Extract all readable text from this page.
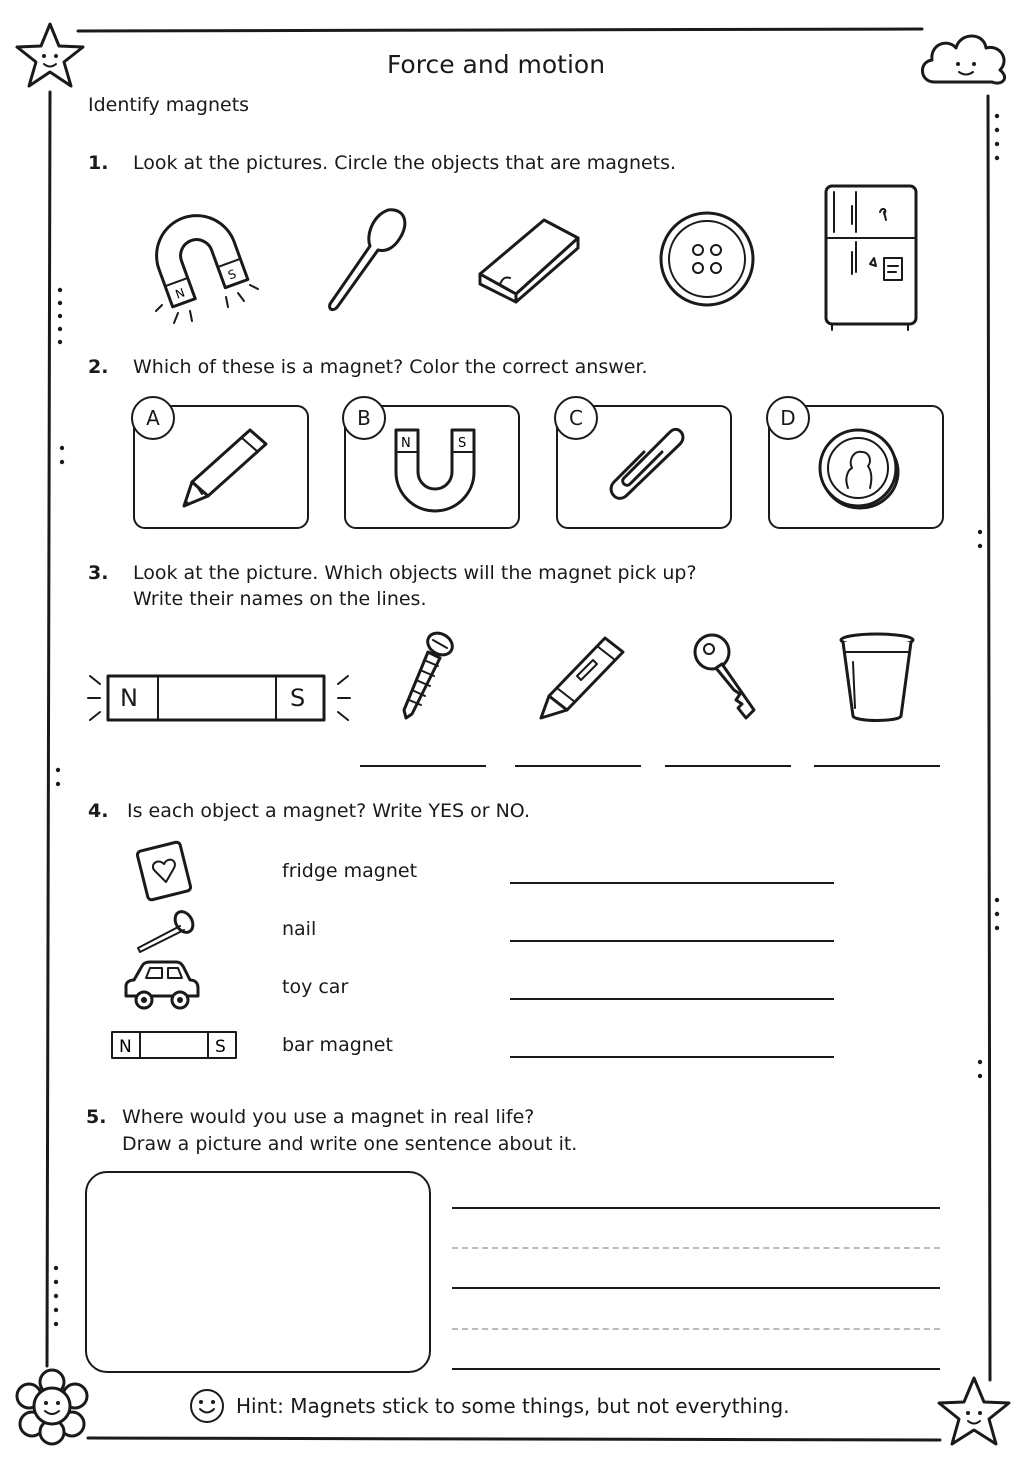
Force and motion
Identify magnets
1. Look at the pictures. Circle the objects that are magnets.
N
S
2. Which of these is a magnet? Color the correct answer.
A	B
N	S
C	D
3. Look at the picture. Which objects will the magnet pick up?
Write their names on the lines.
N	S
4. Is each object a magnet? Write YES or NO.
fridge magnet
nail
toy car
N	S	bar magnet
5. Where would you use a magnet in real life?
Draw a picture and write one sentence about it.
Hint: Magnets stick to some things, but not everything.
